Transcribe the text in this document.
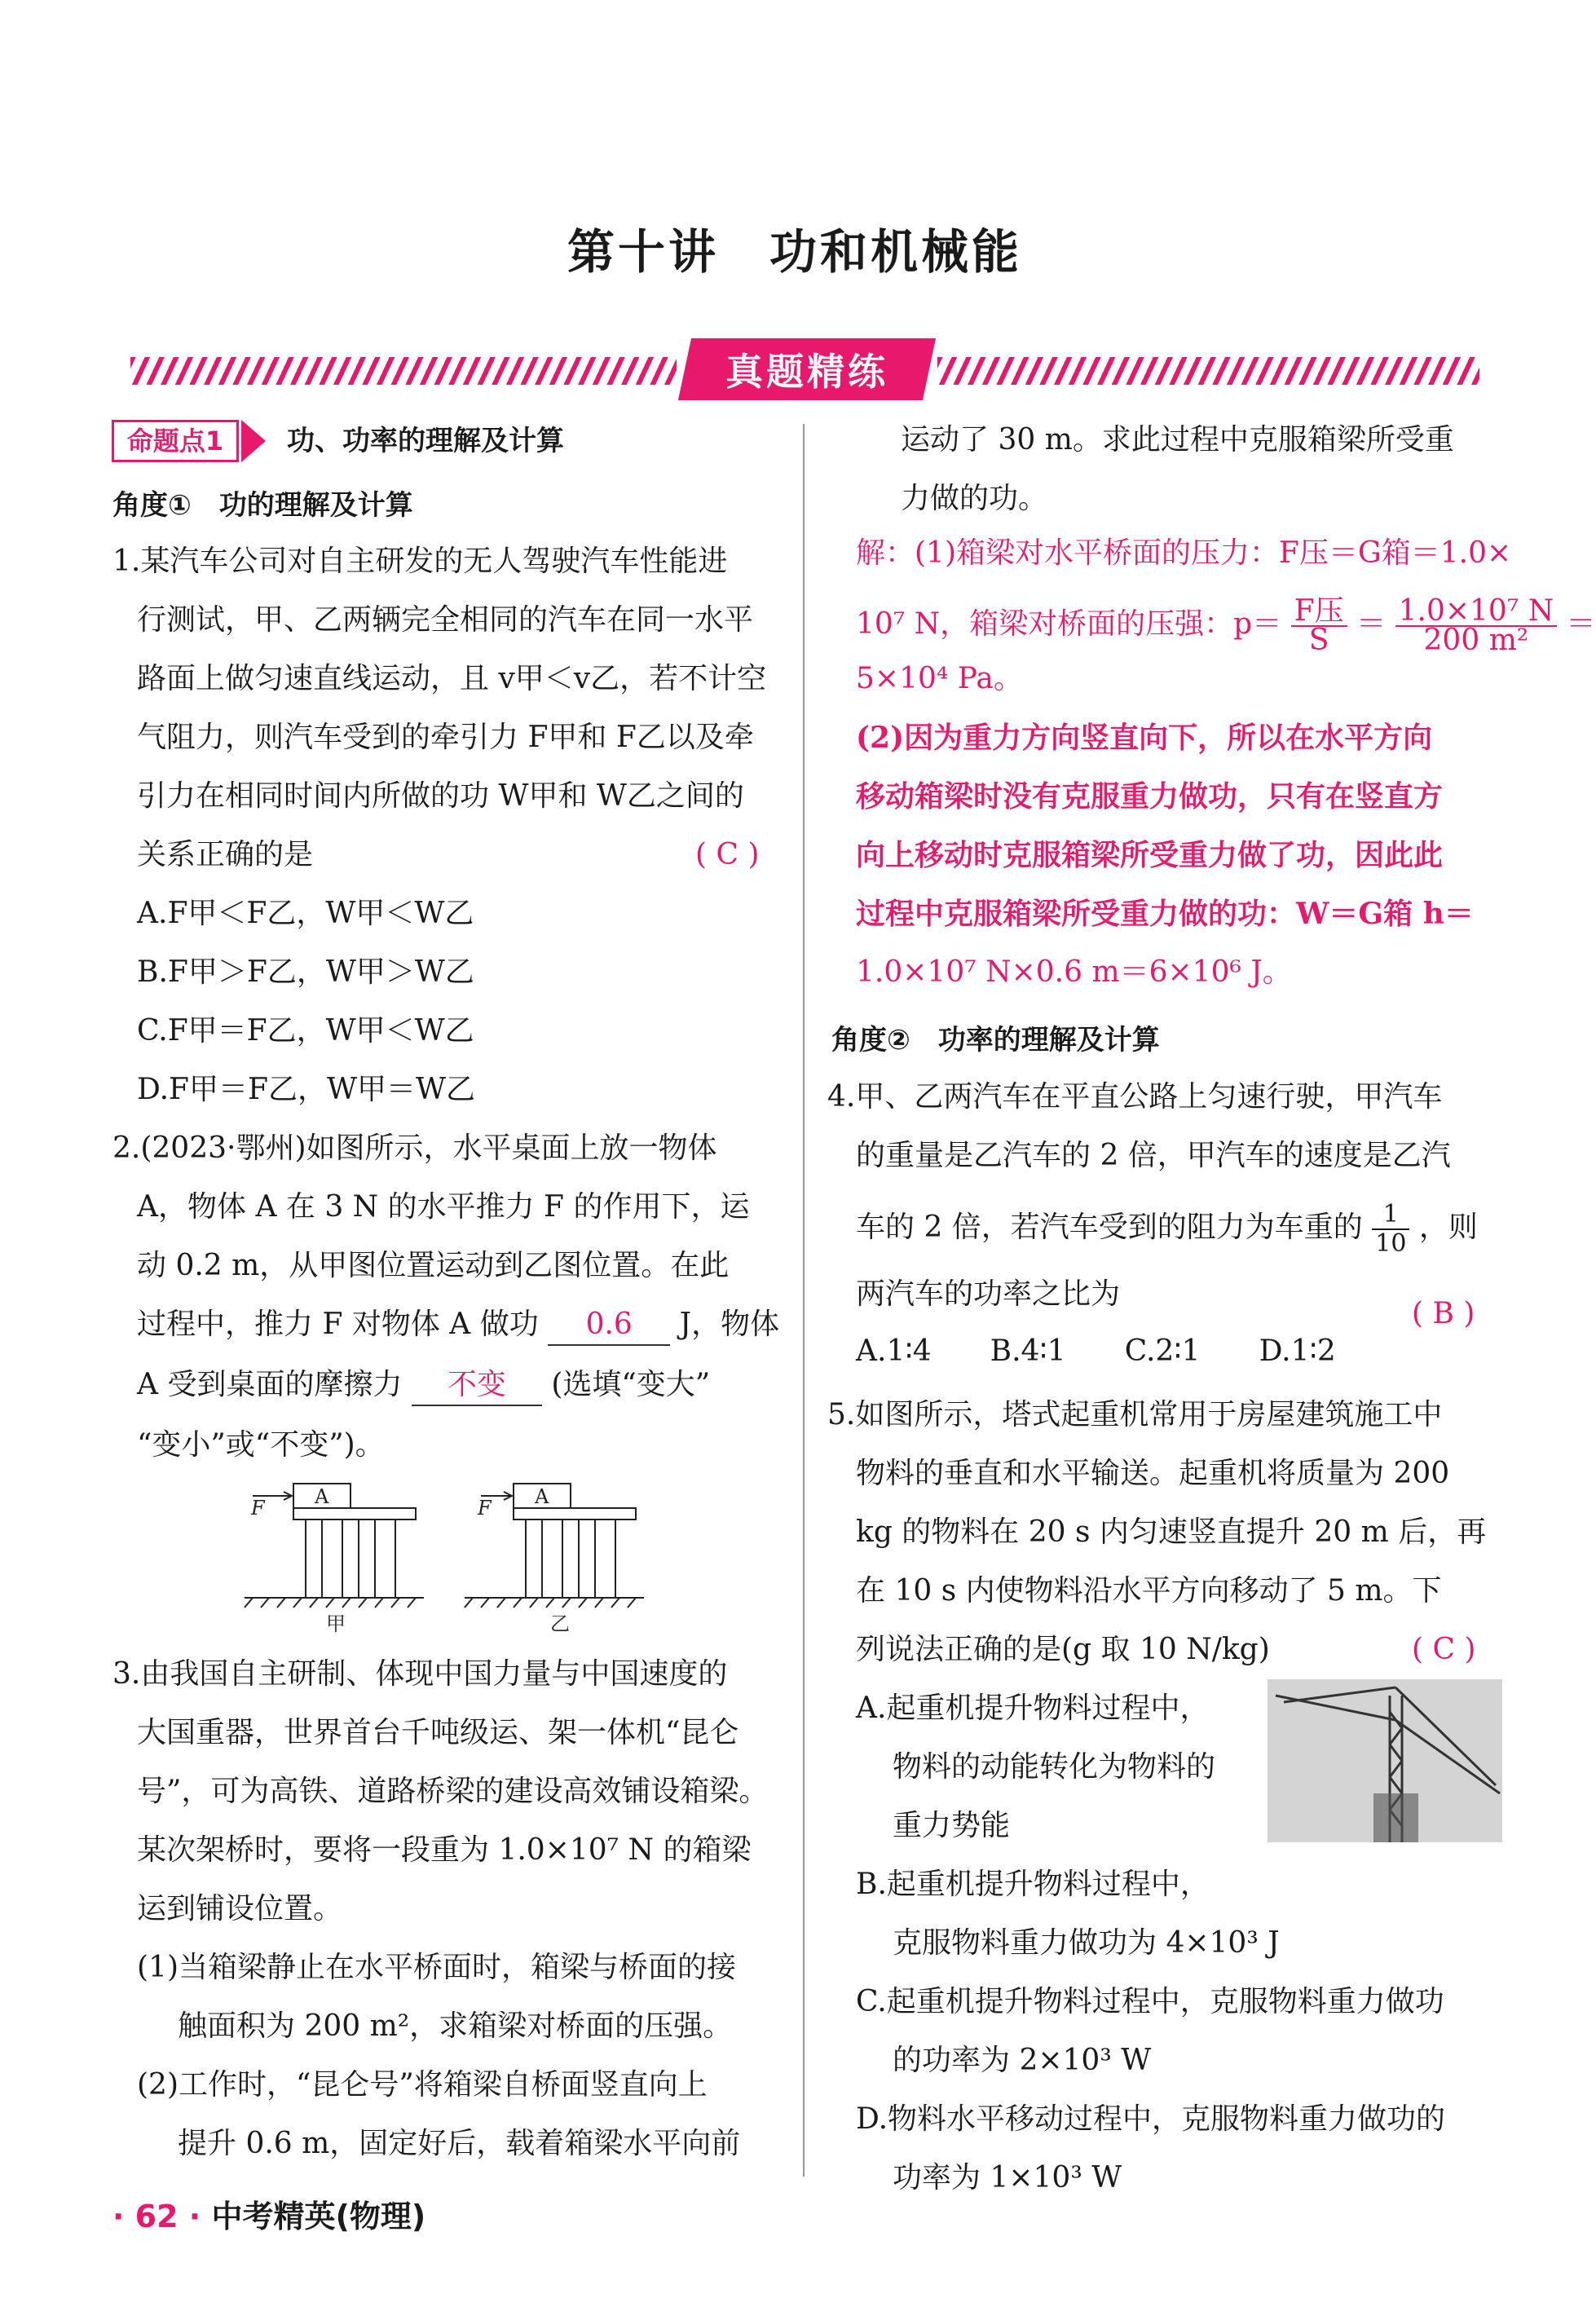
第十讲　功和机械能
真题精练
命题点1	功、功率的理解及计算
角度①　功的理解及计算
1.某汽车公司对自主研发的无人驾驶汽车性能进
行测试，甲、乙两辆完全相同的汽车在同一水平
路面上做匀速直线运动，且 v甲＜v乙，若不计空
气阻力，则汽车受到的牵引力 F甲和 F乙以及牵
引力在相同时间内所做的功 W甲和 W乙之间的
关系正确的是	( C )
A.F甲＜F乙，W甲＜W乙
B.F甲＞F乙，W甲＞W乙
C.F甲＝F乙，W甲＜W乙
D.F甲＝F乙，W甲＝W乙
2.(2023·鄂州)如图所示，水平桌面上放一物体
A，物体 A 在 3 N 的水平推力 F 的作用下，运
动 0.2 m，从甲图位置运动到乙图位置。在此
过程中，推力 F 对物体 A 做功 0.6 J，物体
A 受到桌面的摩擦力 不变 (选填“变大”
“变小”或“不变”)。
A	A
F	F
甲	乙
3.由我国自主研制、体现中国力量与中国速度的
大国重器，世界首台千吨级运、架一体机“昆仑
号”，可为高铁、道路桥梁的建设高效铺设箱梁。
某次架桥时，要将一段重为 1.0×10⁷ N 的箱梁
运到铺设位置。
(1)当箱梁静止在水平桥面时，箱梁与桥面的接
触面积为 200 m²，求箱梁对桥面的压强。
(2)工作时，“昆仑号”将箱梁自桥面竖直向上
提升 0.6 m，固定好后，载着箱梁水平向前
运动了 30 m。求此过程中克服箱梁所受重
力做的功。
解：(1)箱梁对水平桥面的压力：F压＝G箱＝1.0×
10⁷ N，箱梁对桥面的压强：$p= \frac{\text{F压}}{S} = \frac{\text{1.0×10⁷ N}}{\text{200 m²}}$ ＝
5×10⁴ Pa。
(2)因为重力方向竖直向下，所以在水平方向
移动箱梁时没有克服重力做功，只有在竖直方
向上移动时克服箱梁所受重力做了功，因此此
过程中克服箱梁所受重力做的功：W＝G箱 h＝
1.0×10⁷ N×0.6 m＝6×10⁶ J。
角度②　功率的理解及计算
4.甲、乙两汽车在平直公路上匀速行驶，甲汽车
的重量是乙汽车的 2 倍，甲汽车的速度是乙汽
车的 2 倍，若汽车受到的阻力为车重的 $\frac{1}{10}$ ，则
两汽车的功率之比为
( B )
A.1∶4　　B.4∶1　　C.2∶1　　D.1∶2
5.如图所示，塔式起重机常用于房屋建筑施工中
物料的垂直和水平输送。起重机将质量为 200
kg 的物料在 20 s 内匀速竖直提升 20 m 后，再
在 10 s 内使物料沿水平方向移动了 5 m。下
列说法正确的是(g 取 10 N/kg)	( C )
A.起重机提升物料过程中，
物料的动能转化为物料的
重力势能
B.起重机提升物料过程中，
克服物料重力做功为 4×10³ J
C.起重机提升物料过程中，克服物料重力做功
的功率为 2×10³ W
D.物料水平移动过程中，克服物料重力做功的
功率为 1×10³ W
· 62 · 中考精英(物理)
